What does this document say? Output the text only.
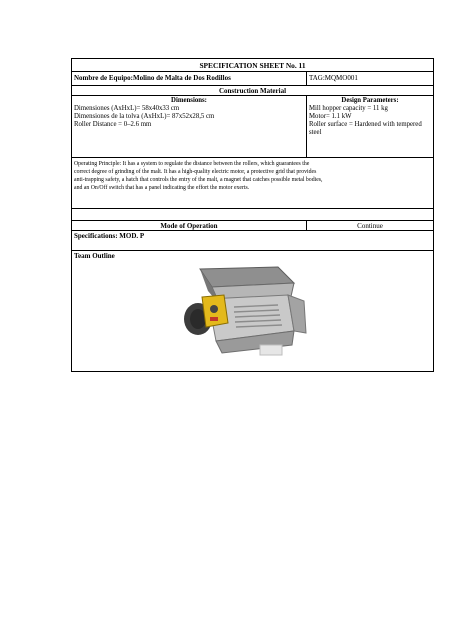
SPECIFICATION SHEET No. 11
Nombre de Equipo:Molino de Malta de Dos Rodillos	TAG:MQMO001
Construction Material
Dimensions:
Dimensiones (AxHxL)= 58x40x33 cm
Dimensiones de la tolva (AxHxL)= 87x52x28,5 cm
Roller Distance = 0–2.6 mm
Design Parameters:
Mill hopper capacity = 11 kg
Motor= 1.1 kW
Roller surface = Hardened with tempered steel
Operating Principle: It has a system to regulate the distance between the rollers, which guarantees the
correct degree of grinding of the malt. It has a high-quality electric motor, a protective grid that provides
anti-trapping safety, a hatch that controls the entry of the malt, a magnet that catches possible metal bodies,
and an On/Off switch that has a panel indicating the effort the motor exerts.
Mode of Operation	Continue
Specifications: MOD. P
Team Outline
